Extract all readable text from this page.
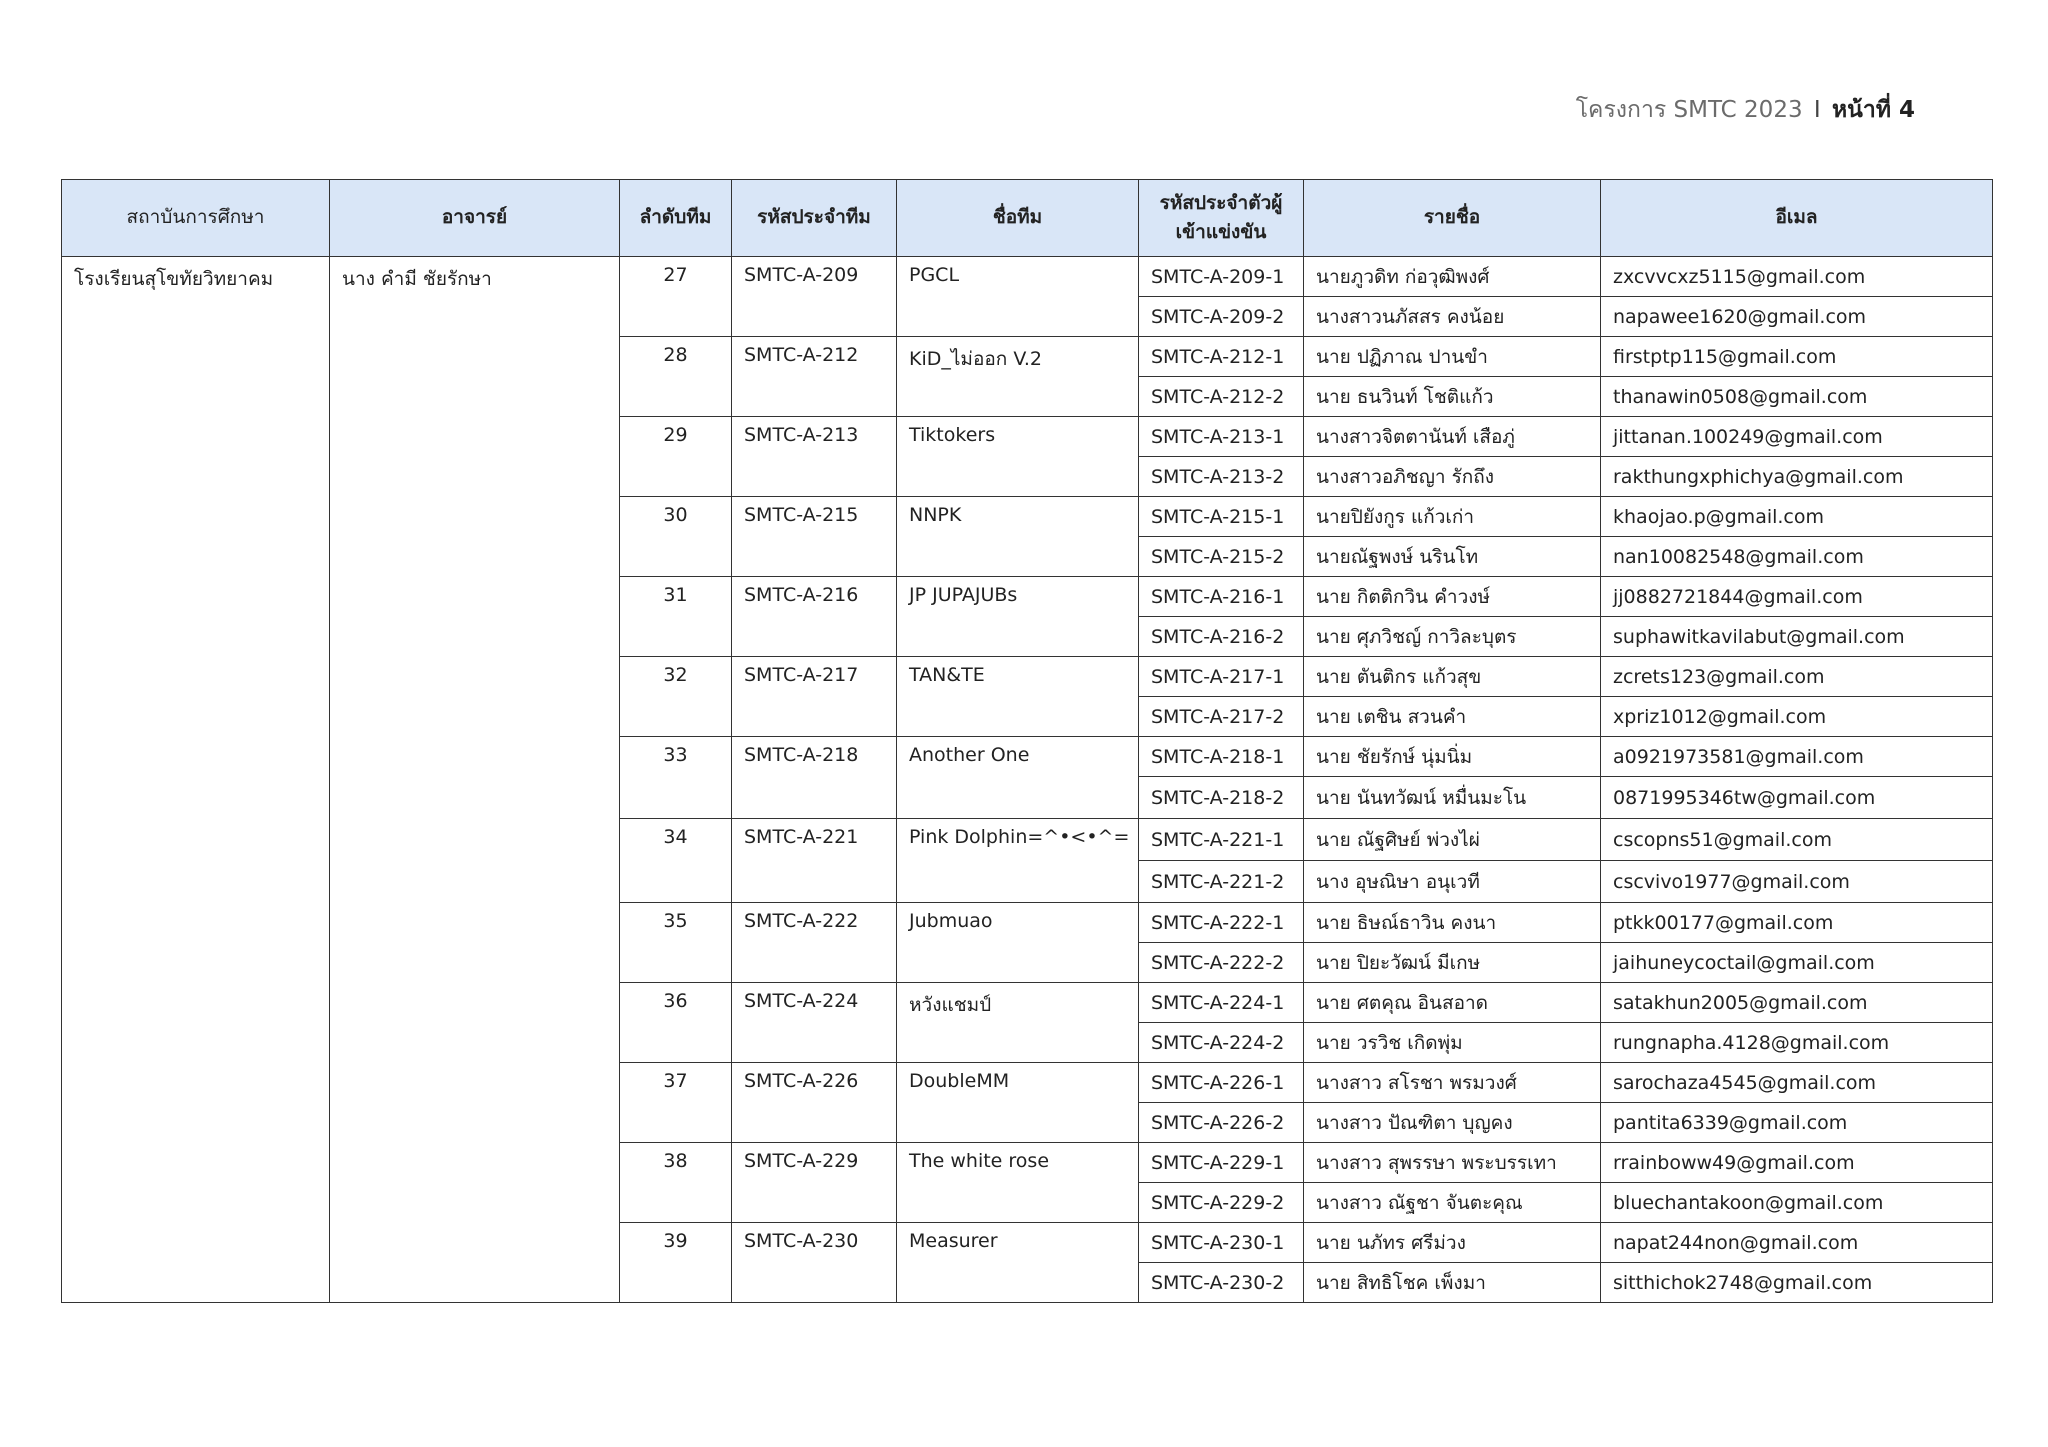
โครงการ SMTC 2023 I หน้าที่ 4
สถาบันการศึกษา	อาจารย์	ลำดับทีม	รหัสประจำทีม	ชื่อทีม	รหัสประจำตัวผู้เข้าแข่งขัน	รายชื่อ	อีเมล
โรงเรียนสุโขทัยวิทยาคม	นาง คำมี ชัยรักษา	27	SMTC-A-209	PGCL	SMTC-A-209-1	นายภูวดิท ก่อวุฒิพงศ์	zxcvvcxz5115@gmail.com
					SMTC-A-209-2	นางสาวนภัสสร คงน้อย	napawee1620@gmail.com
		28	SMTC-A-212	KiD_ไม่ออก V.2	SMTC-A-212-1	นาย ปฏิภาณ ปานขำ	firstptp115@gmail.com
					SMTC-A-212-2	นาย ธนวินท์ โชติแก้ว	thanawin0508@gmail.com
		29	SMTC-A-213	Tiktokers	SMTC-A-213-1	นางสาวจิตตานันท์ เสือภู่	jittanan.100249@gmail.com
					SMTC-A-213-2	นางสาวอภิชญา รักถึง	rakthungxphichya@gmail.com
		30	SMTC-A-215	NNPK	SMTC-A-215-1	นายปิยังกูร แก้วเก่า	khaojao.p@gmail.com
					SMTC-A-215-2	นายณัฐพงษ์ นรินโท	nan10082548@gmail.com
		31	SMTC-A-216	JP JUPAJUBs	SMTC-A-216-1	นาย กิตติกวิน คำวงษ์	jj0882721844@gmail.com
					SMTC-A-216-2	นาย ศุภวิชญ์ กาวิละบุตร	suphawitkavilabut@gmail.com
		32	SMTC-A-217	TAN&TE	SMTC-A-217-1	นาย ตันติกร แก้วสุข	zcrets123@gmail.com
					SMTC-A-217-2	นาย เตชิน สวนคำ	xpriz1012@gmail.com
		33	SMTC-A-218	Another One	SMTC-A-218-1	นาย ชัยรักษ์ นุ่มนิ่ม	a0921973581@gmail.com
					SMTC-A-218-2	นาย นันทวัฒน์ หมื่นมะโน	0871995346tw@gmail.com
		34	SMTC-A-221	Pink Dolphin=^•<•^=	SMTC-A-221-1	นาย ณัฐศิษย์ พ่วงไผ่	cscopns51@gmail.com
					SMTC-A-221-2	นาง อุษณิษา อนุเวที	cscvivo1977@gmail.com
		35	SMTC-A-222	Jubmuao	SMTC-A-222-1	นาย ธิษณ์ธาวิน คงนา	ptkk00177@gmail.com
					SMTC-A-222-2	นาย ปิยะวัฒน์ มีเกษ	jaihuneycoctail@gmail.com
		36	SMTC-A-224	หวังแชมป์	SMTC-A-224-1	นาย ศตคุณ อินสอาด	satakhun2005@gmail.com
					SMTC-A-224-2	นาย วรวิช เกิดพุ่ม	rungnapha.4128@gmail.com
		37	SMTC-A-226	DoubleMM	SMTC-A-226-1	นางสาว สโรชา พรมวงศ์	sarochaza4545@gmail.com
					SMTC-A-226-2	นางสาว ปัณฑิตา บุญคง	pantita6339@gmail.com
		38	SMTC-A-229	The white rose	SMTC-A-229-1	นางสาว สุพรรษา พระบรรเทา	rrainboww49@gmail.com
					SMTC-A-229-2	นางสาว ณัฐชา จันตะคุณ	bluechantakoon@gmail.com
		39	SMTC-A-230	Measurer	SMTC-A-230-1	นาย นภัทร ศรีม่วง	napat244non@gmail.com
					SMTC-A-230-2	นาย สิทธิโชค เพ็งมา	sitthichok2748@gmail.com
